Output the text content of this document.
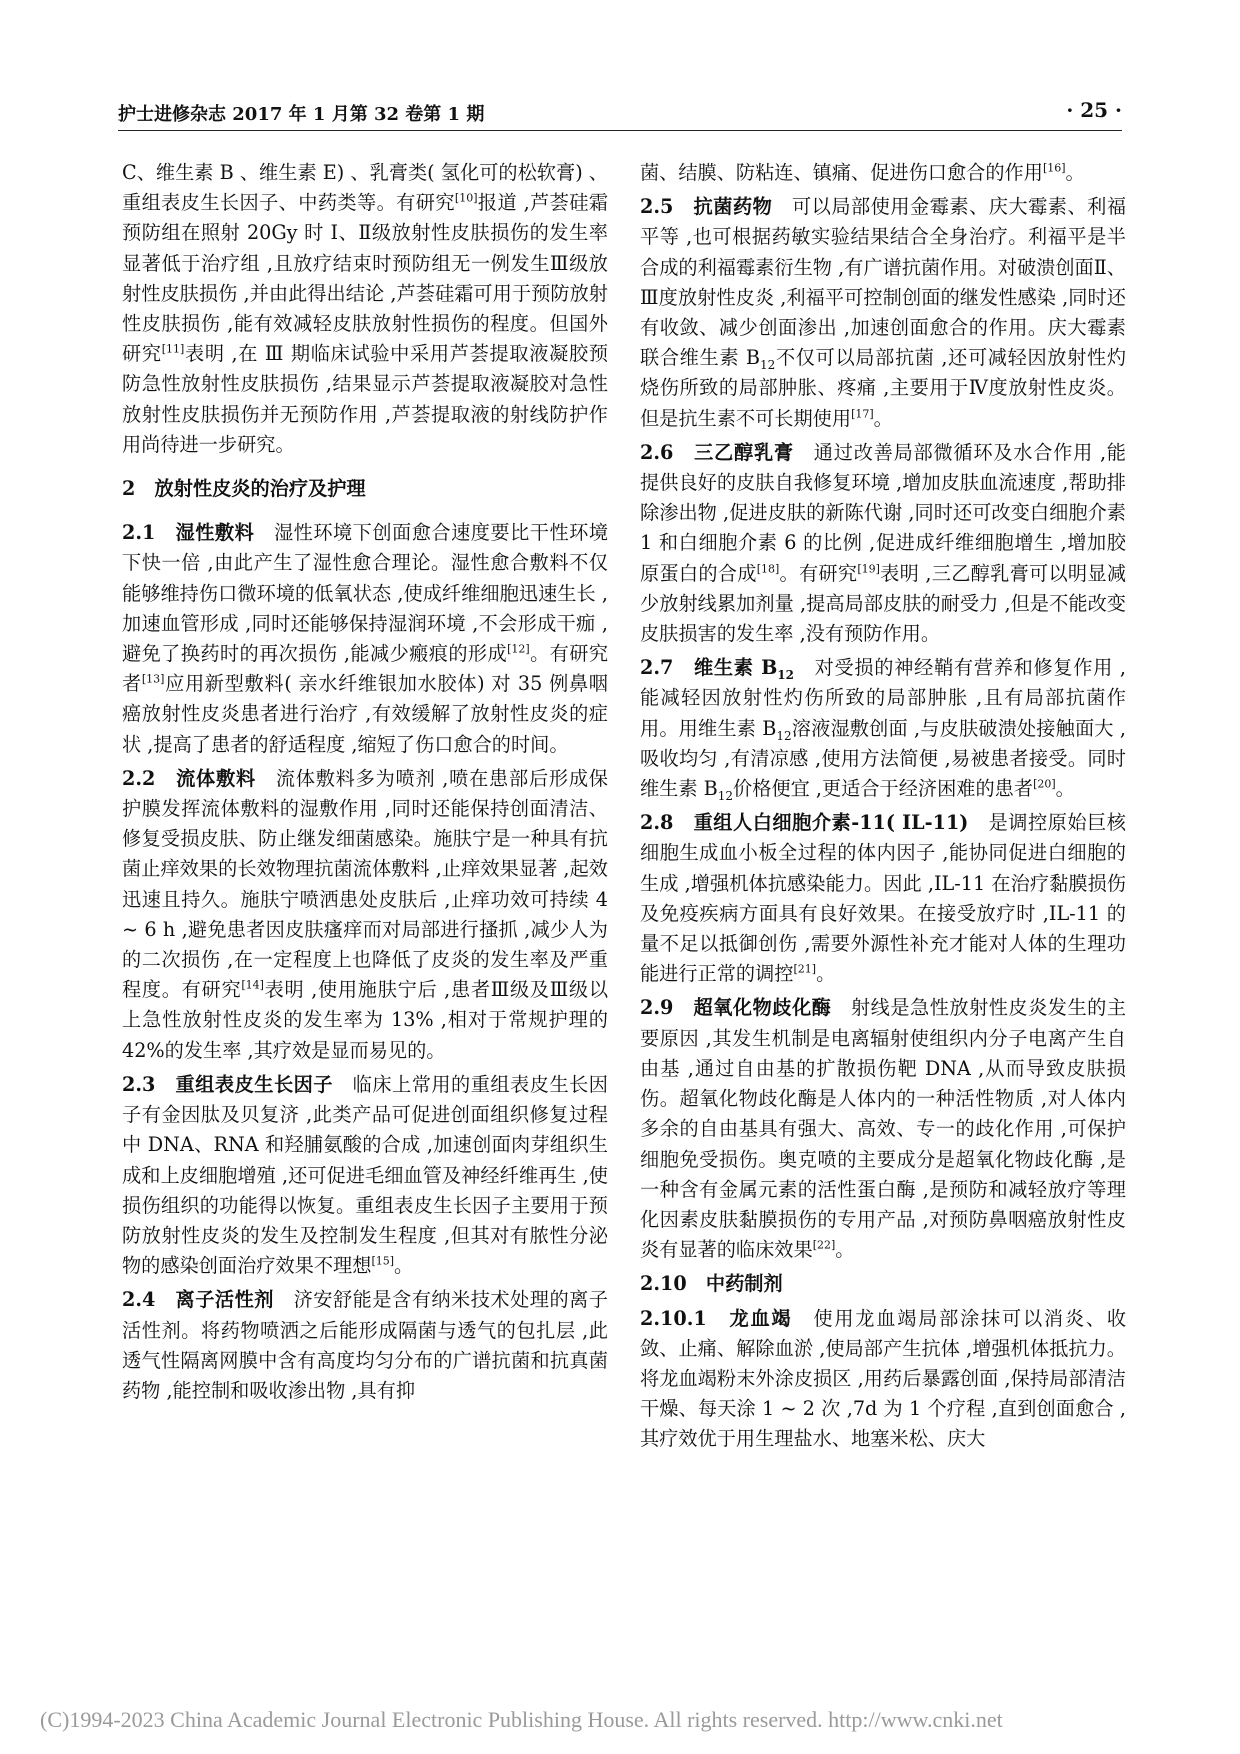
护士进修杂志 2017 年 1 月第 32 卷第 1 期	· 25 ·

C、维生素 B 、维生素 E) 、乳膏类( 氢化可的松软膏) 、重组表皮生长因子、中药类等。有研究[10]报道 ,芦荟硅霜预防组在照射 20Gy 时 Ⅰ、Ⅱ级放射性皮肤损伤的发生率显著低于治疗组 ,且放疗结束时预防组无一例发生Ⅲ级放射性皮肤损伤 ,并由此得出结论 ,芦荟硅霜可用于预防放射性皮肤损伤 ,能有效减轻皮肤放射性损伤的程度。但国外研究[11]表明 ,在 Ⅲ 期临床试验中采用芦荟提取液凝胶预防急性放射性皮肤损伤 ,结果显示芦荟提取液凝胶对急性放射性皮肤损伤并无预防作用 ,芦荟提取液的射线防护作用尚待进一步研究。

2　放射性皮炎的治疗及护理

2.1　湿性敷料　湿性环境下创面愈合速度要比干性环境下快一倍 ,由此产生了湿性愈合理论。湿性愈合敷料不仅能够维持伤口微环境的低氧状态 ,使成纤维细胞迅速生长 ,加速血管形成 ,同时还能够保持湿润环境 ,不会形成干痂 ,避免了换药时的再次损伤 ,能减少瘢痕的形成[12]。有研究者[13]应用新型敷料( 亲水纤维银加水胶体) 对 35 例鼻咽癌放射性皮炎患者进行治疗 ,有效缓解了放射性皮炎的症状 ,提高了患者的舒适程度 ,缩短了伤口愈合的时间。

2.2　流体敷料　流体敷料多为喷剂 ,喷在患部后形成保护膜发挥流体敷料的湿敷作用 ,同时还能保持创面清洁、修复受损皮肤、防止继发细菌感染。施肤宁是一种具有抗菌止痒效果的长效物理抗菌流体敷料 ,止痒效果显著 ,起效迅速且持久。施肤宁喷洒患处皮肤后 ,止痒功效可持续 4 ~ 6 h ,避免患者因皮肤瘙痒而对局部进行搔抓 ,减少人为的二次损伤 ,在一定程度上也降低了皮炎的发生率及严重程度。有研究[14]表明 ,使用施肤宁后 ,患者Ⅲ级及Ⅲ级以上急性放射性皮炎的发生率为 13% ,相对于常规护理的 42%的发生率 ,其疗效是显而易见的。

2.3　重组表皮生长因子　临床上常用的重组表皮生长因子有金因肽及贝复济 ,此类产品可促进创面组织修复过程中 DNA、RNA 和羟脯氨酸的合成 ,加速创面肉芽组织生成和上皮细胞增殖 ,还可促进毛细血管及神经纤维再生 ,使损伤组织的功能得以恢复。重组表皮生长因子主要用于预防放射性皮炎的发生及控制发生程度 ,但其对有脓性分泌物的感染创面治疗效果不理想[15]。

2.4　离子活性剂　济安舒能是含有纳米技术处理的离子活性剂。将药物喷洒之后能形成隔菌与透气的包扎层 ,此透气性隔离网膜中含有高度均匀分布的广谱抗菌和抗真菌药物 ,能控制和吸收渗出物 ,具有抑

菌、结膜、防粘连、镇痛、促进伤口愈合的作用[16]。

2.5　抗菌药物　可以局部使用金霉素、庆大霉素、利福平等 ,也可根据药敏实验结果结合全身治疗。利福平是半合成的利福霉素衍生物 ,有广谱抗菌作用。对破溃创面Ⅱ、Ⅲ度放射性皮炎 ,利福平可控制创面的继发性感染 ,同时还有收敛、减少创面渗出 ,加速创面愈合的作用。庆大霉素联合维生素 $B_{12}$不仅可以局部抗菌 ,还可减轻因放射性灼烧伤所致的局部肿胀、疼痛 ,主要用于Ⅳ度放射性皮炎。但是抗生素不可长期使用[17]。

2.6　三乙醇乳膏　通过改善局部微循环及水合作用 ,能提供良好的皮肤自我修复环境 ,增加皮肤血流速度 ,帮助排除渗出物 ,促进皮肤的新陈代谢 ,同时还可改变白细胞介素 1 和白细胞介素 6 的比例 ,促进成纤维细胞增生 ,增加胶原蛋白的合成[18]。有研究[19]表明 ,三乙醇乳膏可以明显减少放射线累加剂量 ,提高局部皮肤的耐受力 ,但是不能改变皮肤损害的发生率 ,没有预防作用。

2.7　维生素 $B_{12}$　对受损的神经鞘有营养和修复作用 ,能减轻因放射性灼伤所致的局部肿胀 ,且有局部抗菌作用。用维生素 $B_{12}$溶液湿敷创面 ,与皮肤破溃处接触面大 ,吸收均匀 ,有清凉感 ,使用方法简便 ,易被患者接受。同时维生素 $B_{12}$价格便宜 ,更适合于经济困难的患者[20]。

2.8　重组人白细胞介素-11( IL-11)　是调控原始巨核细胞生成血小板全过程的体内因子 ,能协同促进白细胞的生成 ,增强机体抗感染能力。因此 ,IL-11 在治疗黏膜损伤及免疫疾病方面具有良好效果。在接受放疗时 ,IL-11 的量不足以抵御创伤 ,需要外源性补充才能对人体的生理功能进行正常的调控[21]。

2.9　超氧化物歧化酶　射线是急性放射性皮炎发生的主要原因 ,其发生机制是电离辐射使组织内分子电离产生自由基 ,通过自由基的扩散损伤靶 DNA ,从而导致皮肤损伤。超氧化物歧化酶是人体内的一种活性物质 ,对人体内多余的自由基具有强大、高效、专一的歧化作用 ,可保护细胞免受损伤。奥克喷的主要成分是超氧化物歧化酶 ,是一种含有金属元素的活性蛋白酶 ,是预防和减轻放疗等理化因素皮肤黏膜损伤的专用产品 ,对预防鼻咽癌放射性皮炎有显著的临床效果[22]。

2.10　中药制剂

2.10.1　龙血竭　使用龙血竭局部涂抹可以消炎、收敛、止痛、解除血淤 ,使局部产生抗体 ,增强机体抵抗力。将龙血竭粉末外涂皮损区 ,用药后暴露创面 ,保持局部清洁干燥、每天涂 1 ~ 2 次 ,7d 为 1 个疗程 ,直到创面愈合 ,其疗效优于用生理盐水、地塞米松、庆大

(C)1994-2023 China Academic Journal Electronic Publishing House. All rights reserved. http://www.cnki.net
